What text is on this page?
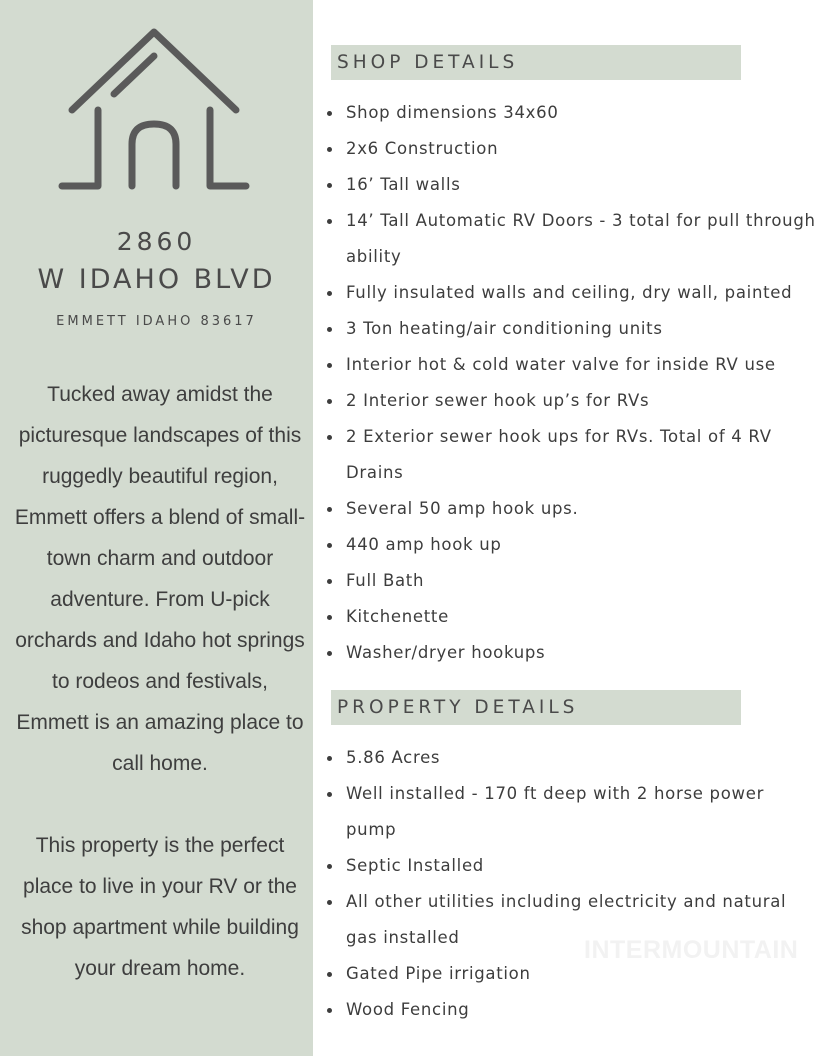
2860
W IDAHO BLVD
EMMETT IDAHO 83617

Tucked away amidst the picturesque landscapes of this ruggedly beautiful region, Emmett offers a blend of small-town charm and outdoor adventure. From U-pick orchards and Idaho hot springs to rodeos and festivals, Emmett is an amazing place to call home.

This property is the perfect place to live in your RV or the shop apartment while building your dream home.

SHOP DETAILS
Shop dimensions 34x60
2x6 Construction
16’ Tall walls
14’ Tall Automatic RV Doors - 3 total for pull through ability
Fully insulated walls and ceiling, dry wall, painted
3 Ton heating/air conditioning units
Interior hot & cold water valve for inside RV use
2 Interior sewer hook up’s for RVs
2 Exterior sewer hook ups for RVs. Total of 4 RV Drains
Several 50 amp hook ups.
440 amp hook up
Full Bath
Kitchenette
Washer/dryer hookups
PROPERTY DETAILS
5.86 Acres
Well installed - 170 ft deep with 2 horse power pump
Septic Installed
All other utilities including electricity and natural gas installed
Gated Pipe irrigation
Wood Fencing
INTERMOUNTAIN
